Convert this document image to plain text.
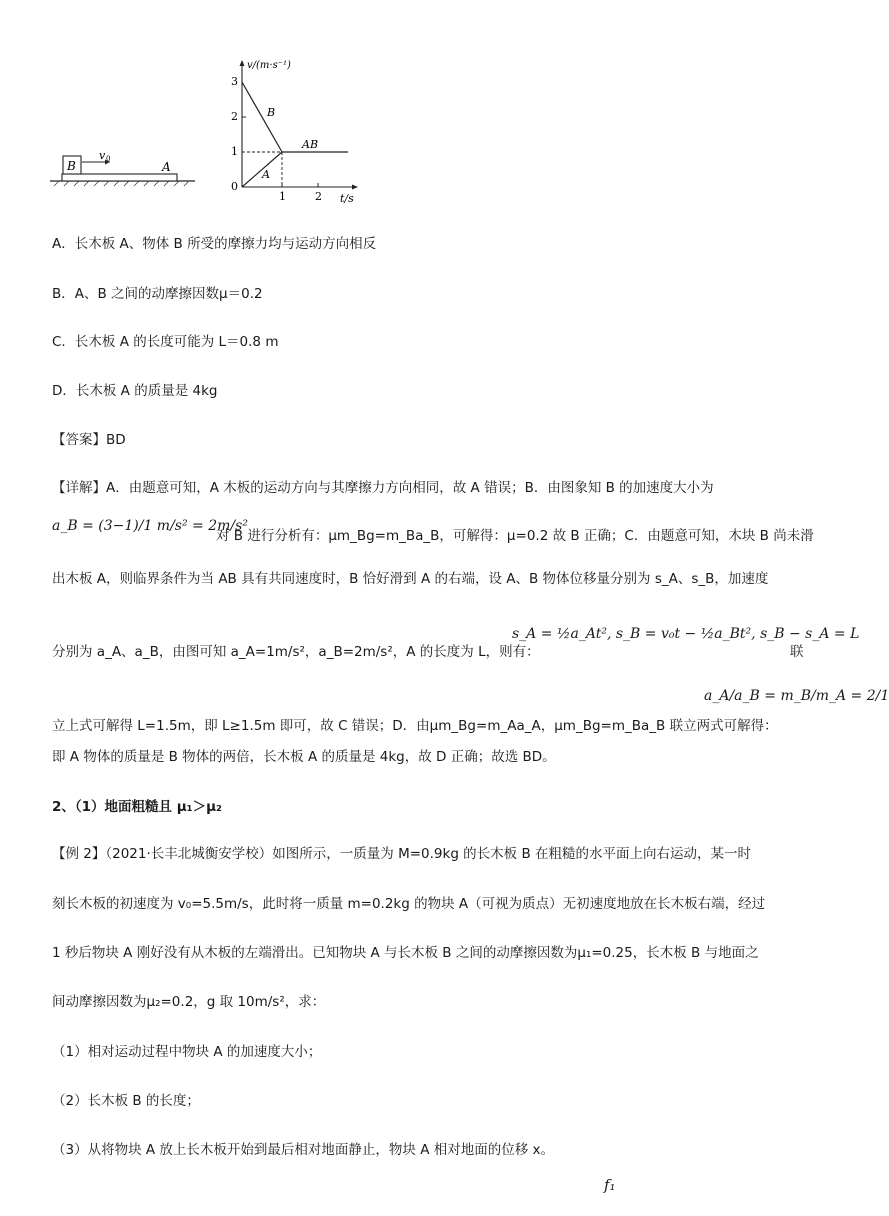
B
v 0
A
v/(m·s⁻¹)
t/s
3
2
1
0
1	2
B
A
AB
A．长木板 A、物体 B 所受的摩擦力均与运动方向相反
B．A、B 之间的动摩擦因数μ＝0.2
C．长木板 A 的长度可能为 L＝0.8 m
D．长木板 A 的质量是 4kg
【答案】BD
【详解】A．由题意可知，A 木板的运动方向与其摩擦力方向相同，故 A 错误；B．由图象知 B 的加速度大小为
a_B = (3−1)/1 m/s² = 2m/s²
对 B 进行分析有：μm_Bg=m_Ba_B，可解得：μ=0.2 故 B 正确；C．由题意可知，木块 B 尚未滑
出木板 A，则临界条件为当 AB 具有共同速度时，B 恰好滑到 A 的右端，设 A、B 物体位移量分别为 s_A、s_B，加速度
分别为 a_A、a_B，由图可知 a_A=1m/s²，a_B=2m/s²，A 的长度为 L，则有：
s_A = ½a_At², s_B = v₀t − ½a_Bt², s_B − s_A = L
联
立上式可解得 L=1.5m，即 L≥1.5m 即可，故 C 错误；D．由μm_Bg=m_Aa_A，μm_Bg=m_Ba_B 联立两式可解得：
a_A/a_B = m_B/m_A = 2/1
即 A 物体的质量是 B 物体的两倍，长木板 A 的质量是 4kg，故 D 正确；故选 BD。
2、（1）地面粗糙且 μ₁＞μ₂
【例 2】（2021·长丰北城衡安学校）如图所示，一质量为 M=0.9kg 的长木板 B 在粗糙的水平面上向右运动，某一时
刻长木板的初速度为 v₀=5.5m/s，此时将一质量 m=0.2kg 的物块 A（可视为质点）无初速度地放在长木板右端，经过
1 秒后物块 A 刚好没有从木板的左端滑出。已知物块 A 与长木板 B 之间的动摩擦因数为μ₁=0.25，长木板 B 与地面之
间动摩擦因数为μ₂=0.2，g 取 10m/s²，求：
（1）相对运动过程中物块 A 的加速度大小；
（2）长木板 B 的长度；
（3）从将物块 A 放上长木板开始到最后相对地面静止，物块 A 相对地面的位移 x。
f₁
